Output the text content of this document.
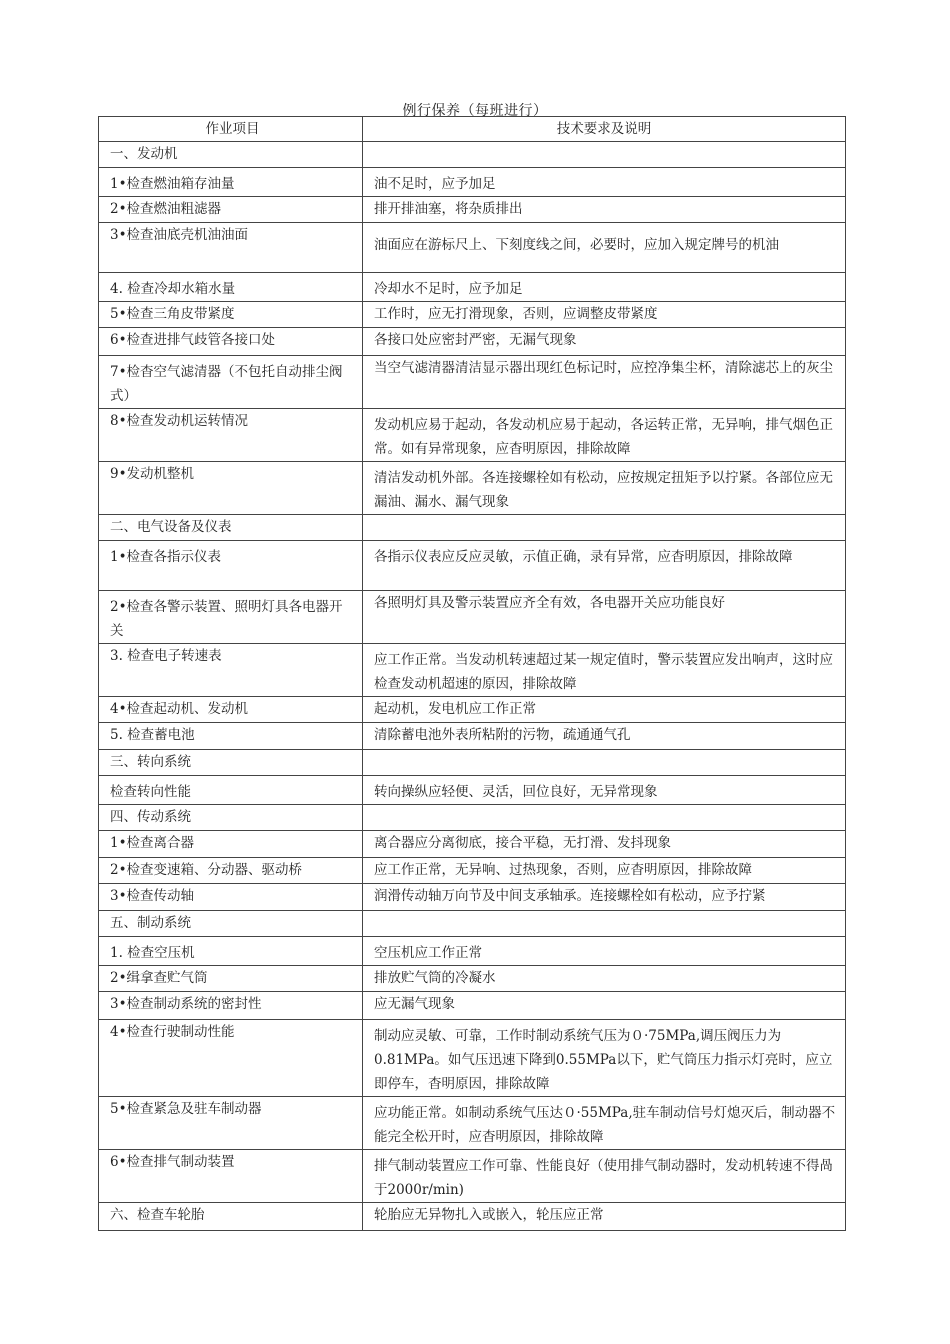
例行保养（每班进行）
作业项目	技术要求及说明
一、发动机	
1•检查燃油箱存油量	油不足时，应予加足
2•检查燃油粗滤器	排开排油塞，将杂质排出
3•检查油底壳机油油面	油面应在游标尺上、下刻度线之间，必要时，应加入规定牌号的机油
4. 检查冷却水箱水量	冷却水不足时，应予加足
5•检查三角皮带紧度	工作时，应无打滑现象，否则，应调整皮带紧度
6•检查进排气歧管各接口处	各接口处应密封严密，无漏气现象
7•检杳空气滤清器（不包托自动排尘阀式）	当空气滤清器清洁显示器出现红色标记时，应控净集尘杯，清除滤芯上的灰尘
8•检查发动机运转情况	发动机应易于起动，各发动机应易于起动，各运转正常，无异响，排气烟色正常。如有异常现象，应杳明原因，排除故障
9•发动机整机	清洁发动机外部。各连接螺栓如有松动，应按规定扭矩予以拧紧。各部位应无漏油、漏水、漏气现象
二、电气设备及仪表	
1•检查各指示仪表	各指示仪表应反应灵敏，示值正确，录有异常，应杳明原因，排除故障
2•检查各警示装置、照明灯具各电器开关	各照明灯具及警示装置应齐全有效，各电器开关应功能良好
3. 检查电子转速表	应工作正常。当发动机转速超过某一规定值时，警示装置应发出响声，这时应检查发动机超速的原因，排除故障
4•检查起动机、发动机	起动机，发电机应工作正常
5. 检查蓄电池	清除蓄电池外表所粘附的污物，疏通通气孔
三、转向系统	
检查转向性能	转向操纵应轻便、灵活，回位良好，无异常现象
四、传动系统	
1•检查离合器	离合器应分离彻底，接合平稳，无打滑、发抖现象
2•检查变速箱、分动器、驱动桥	应工作正常，无异响、过热现象，否则，应杳明原因，排除故障
3•检查传动轴	润滑传动轴万向节及中间支承轴承。连接螺栓如有松动，应予拧紧
五、制动系统	
1. 检查空压机	空压机应工作正常
2•缉拿查贮气筒	排放贮气筒的冷凝水
3•检查制动系统的密封性	应无漏气现象
4•检查行驶制动性能	制动应灵敏、可靠，工作时制动系统气压为０·75MPa,调压阀压力为0.81MPa。如气压迅速下降到0.55MPa以下，贮气筒压力指示灯亮时，应立即停车，杳明原因，排除故障
5•检查紧急及驻车制动器	应功能正常。如制动系统气压达０·55MPa,驻车制动信号灯熄灭后，制动器不能完全松开时，应杳明原因，排除故障
6•检查排气制动装置	排气制动装置应工作可靠、性能良好（使用排气制动器时，发动机转速不得咼于2000r/min)
六、检查车轮胎	轮胎应无异物扎入或嵌入，轮压应正常
